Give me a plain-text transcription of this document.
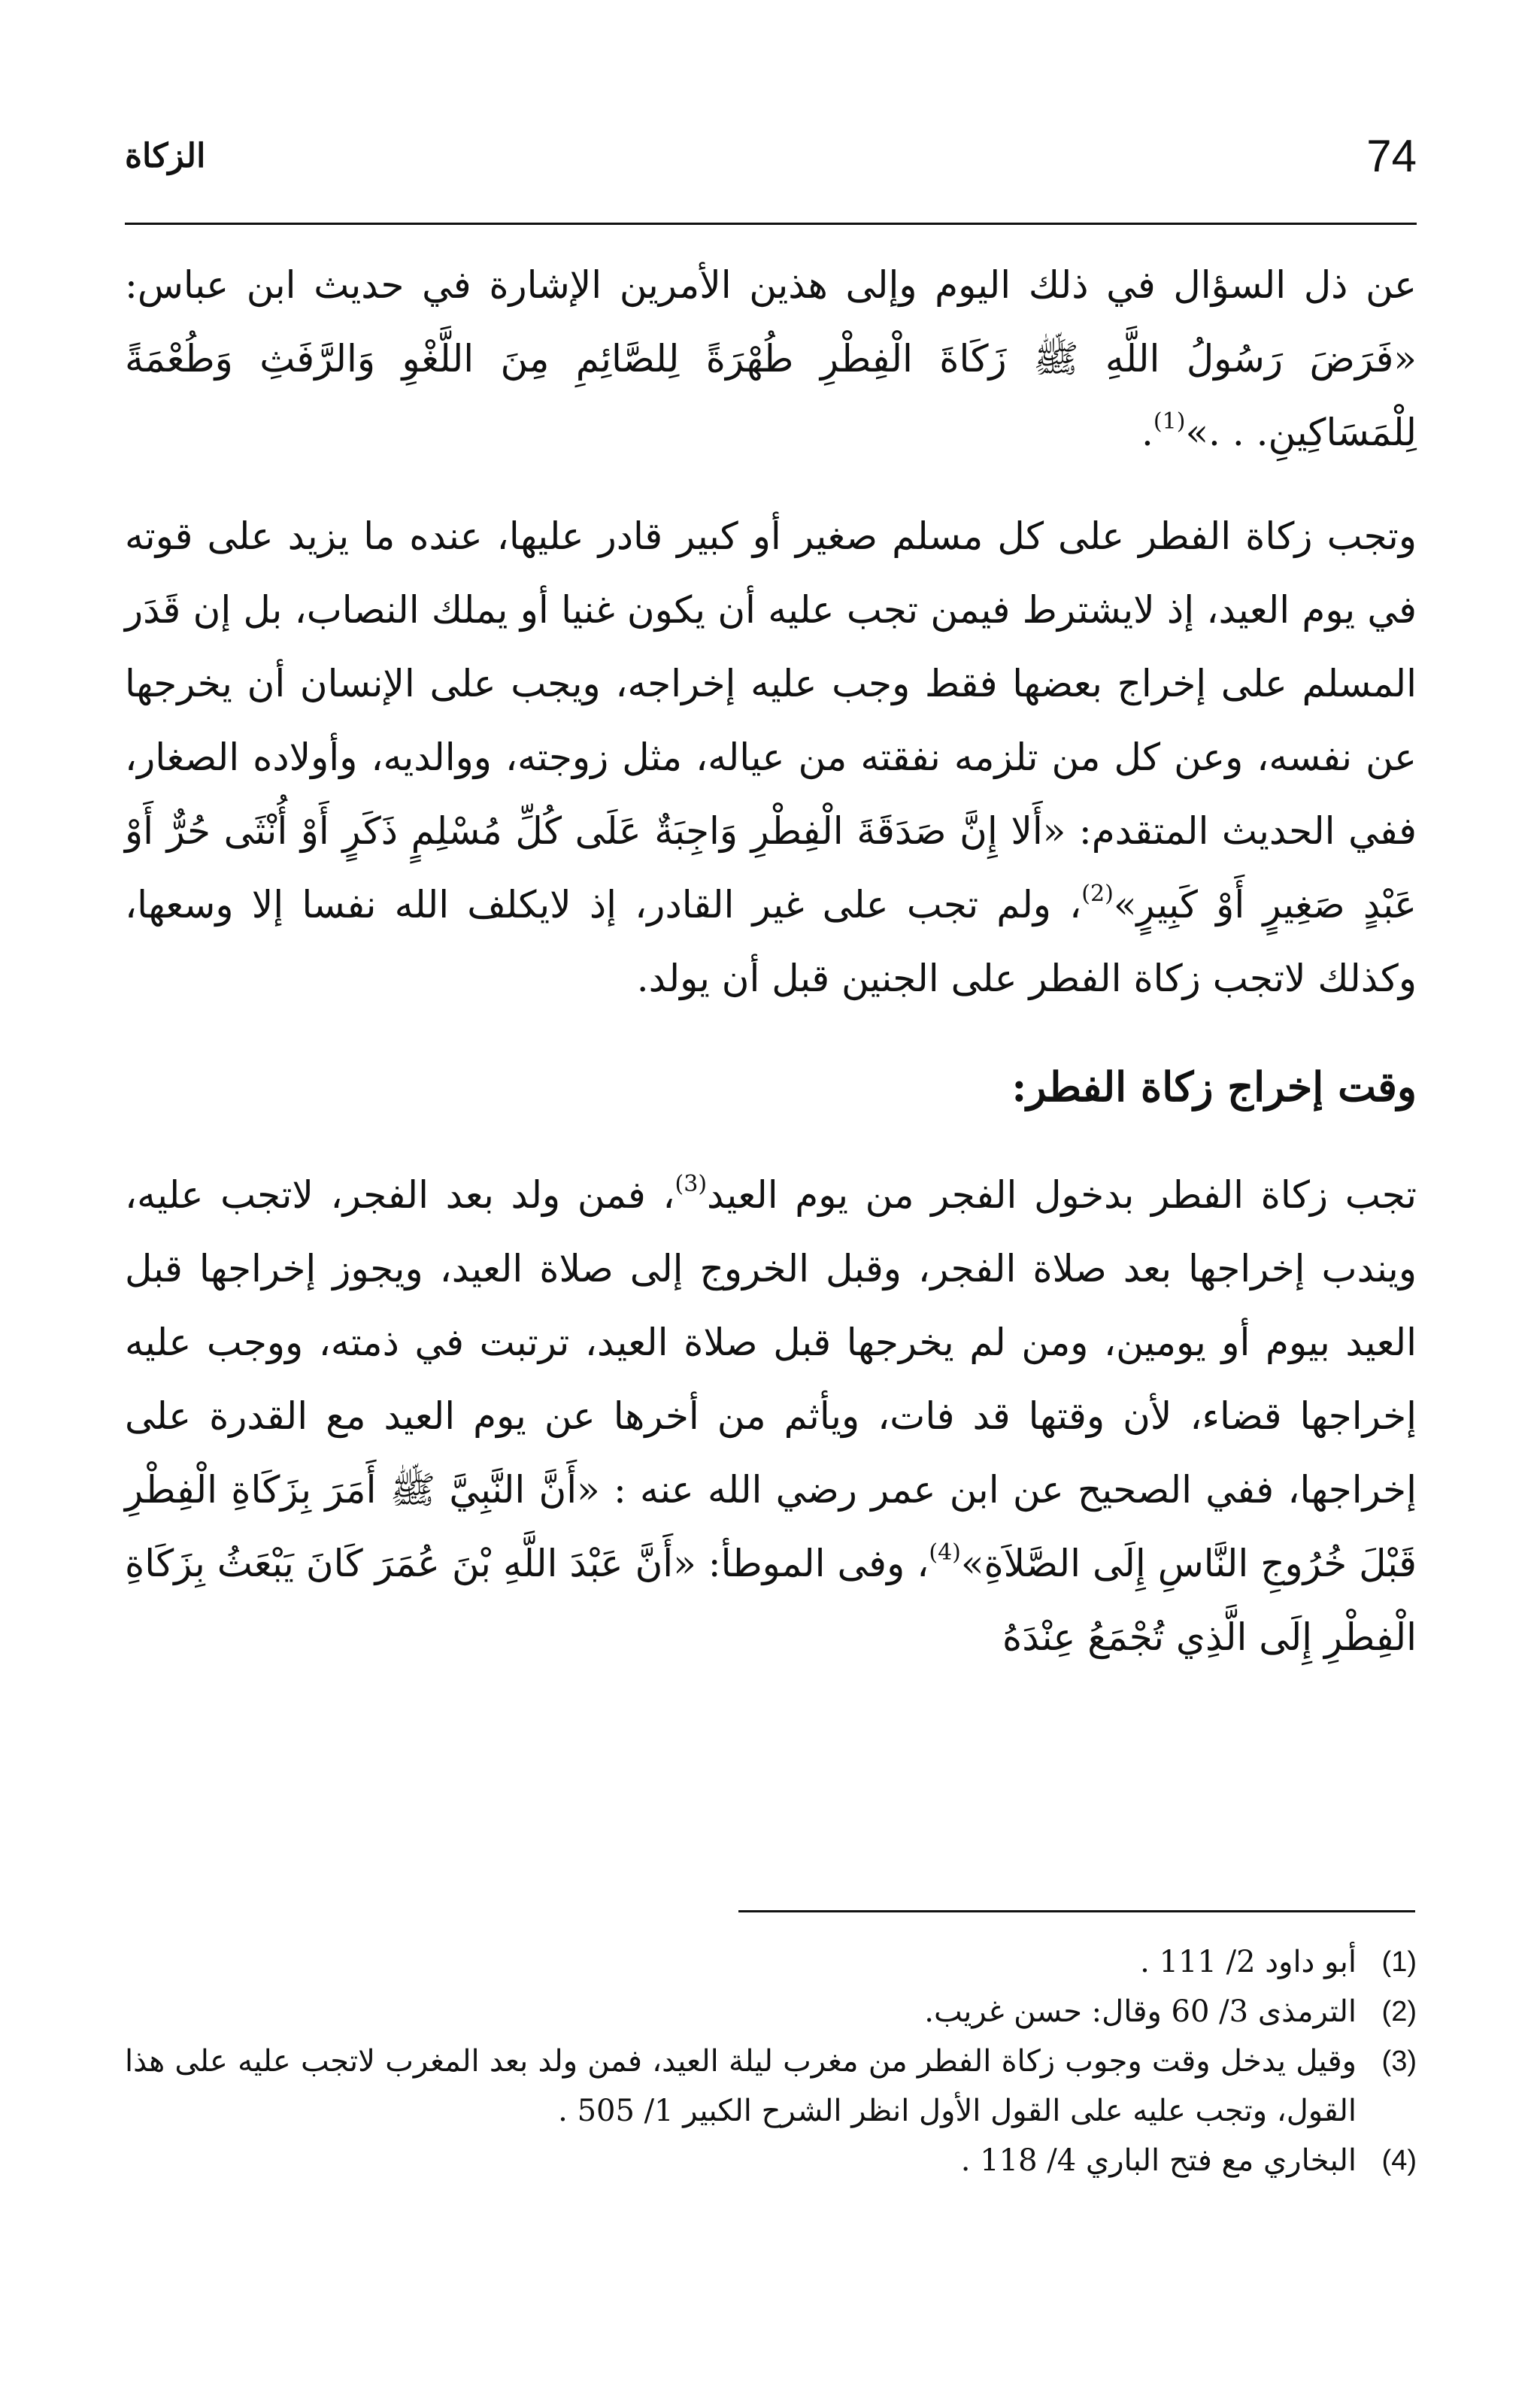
74
الزكاة

عن ذل السؤال في ذلك اليوم وإلى هذين الأمرين الإشارة في حديث ابن عباس: «فَرَضَ رَسُولُ اللَّهِ ﷺ زَكَاةَ الْفِطْرِ طُهْرَةً لِلصَّائِمِ مِنَ اللَّغْوِ وَالرَّفَثِ وَطُعْمَةً لِلْمَسَاكِينِ. . .»$^{(1)}$.

وتجب زكاة الفطر على كل مسلم صغير أو كبير قادر عليها، عنده ما يزيد على قوته في يوم العيد، إذ لايشترط فيمن تجب عليه أن يكون غنيا أو يملك النصاب، بل إن قَدَر المسلم على إخراج بعضها فقط وجب عليه إخراجه، ويجب على الإنسان أن يخرجها عن نفسه، وعن كل من تلزمه نفقته من عياله، مثل زوجته، ووالديه، وأولاده الصغار، ففي الحديث المتقدم: «أَلا إِنَّ صَدَقَةَ الْفِطْرِ وَاجِبَةٌ عَلَى كُلِّ مُسْلِمٍ ذَكَرٍ أَوْ أُنْثَى حُرٌّ أَوْ عَبْدٍ صَغِيرٍ أَوْ كَبِيرٍ»$^{(2)}$، ولم تجب على غير القادر، إذ لايكلف الله نفسا إلا وسعها، وكذلك لاتجب زكاة الفطر على الجنين قبل أن يولد.

وقت إخراج زكاة الفطر:

تجب زكاة الفطر بدخول الفجر من يوم العيد$^{(3)}$، فمن ولد بعد الفجر، لاتجب عليه، ويندب إخراجها بعد صلاة الفجر، وقبل الخروج إلى صلاة العيد، ويجوز إخراجها قبل العيد بيوم أو يومين، ومن لم يخرجها قبل صلاة العيد، ترتبت في ذمته، ووجب عليه إخراجها قضاء، لأن وقتها قد فات، ويأثم من أخرها عن يوم العيد مع القدرة على إخراجها، ففي الصحيح عن ابن عمر رضي الله عنه : «أَنَّ النَّبِيَّ ﷺ أَمَرَ بِزَكَاةِ الْفِطْرِ قَبْلَ خُرُوجِ النَّاسِ إِلَى الصَّلاَةِ»$^{(4)}$، وفى الموطأ: «أَنَّ عَبْدَ اللَّهِ بْنَ عُمَرَ كَانَ يَبْعَثُ بِزَكَاةِ الْفِطْرِ إِلَى الَّذِي تُجْمَعُ عِنْدَهُ

(1)
أبو داود 2/ 111 .

(2)
الترمذى 3/ 60 وقال: حسن غريب.

(3)
وقيل يدخل وقت وجوب زكاة الفطر من مغرب ليلة العيد، فمن ولد بعد المغرب لاتجب عليه على هذا القول، وتجب عليه على القول الأول انظر الشرح الكبير 1/ 505 .

(4)
البخاري مع فتح الباري 4/ 118 .
